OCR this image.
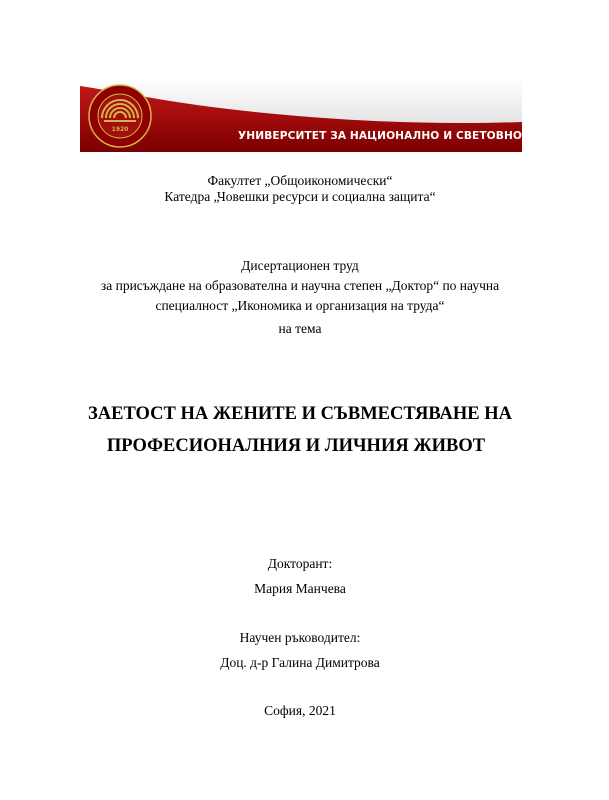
УНИВЕРСИТЕТ ЗА НАЦИОНАЛНО И СВЕТОВНО СТОПАНСТВО
1920
Факултет „Общоикономически“
Катедра „Човешки ресурси и социална защита“
Дисертационен труд
за присъждане на образователна и научна степен „Доктор“ по научна
специалност „Икономика и организация на труда“
на тема
ЗАЕТОСТ НА ЖЕНИТЕ И СЪВМЕСТЯВАНЕ НА
ПРОФЕСИОНАЛНИЯ И ЛИЧНИЯ ЖИВОТ
Докторант:
Мария Манчева
Научен ръководител:
Доц. д-р Галина Димитрова
София, 2021
